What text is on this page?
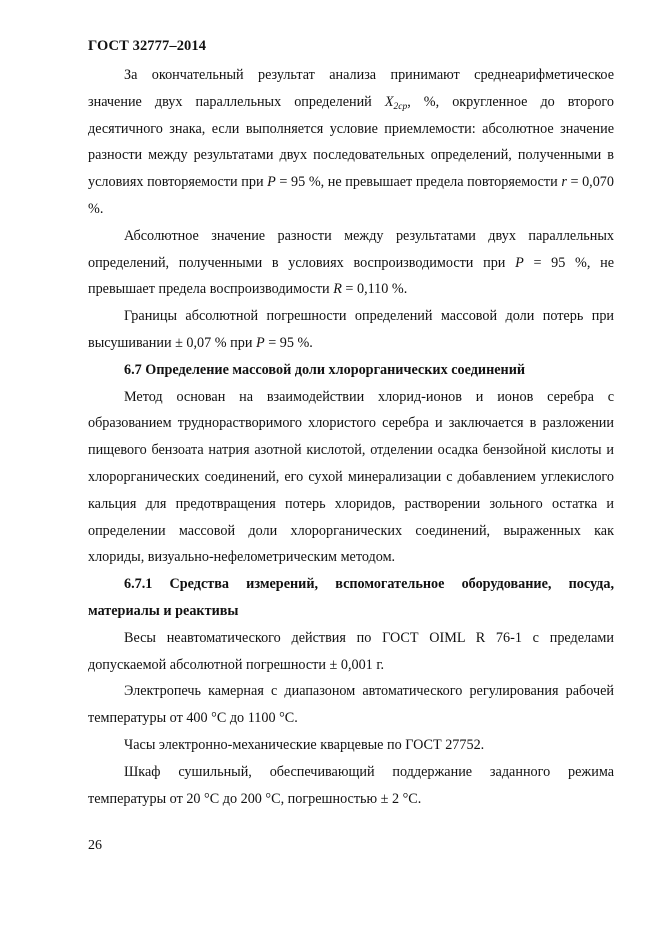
ГОСТ 32777–2014

За окончательный результат анализа принимают среднеарифметическое значение двух параллельных определений $X_{2ср}$, %, округленное до второго десятичного знака, если выполняется условие приемлемости: абсолютное значение разности между результатами двух последовательных определений, полученными в условиях повторяемости при P = 95 %, не превышает предела повторяемости r = 0,070 %.

Абсолютное значение разности между результатами двух параллельных определений, полученными в условиях воспроизводимости при P = 95 %, не превышает предела воспроизводимости R = 0,110 %.

Границы абсолютной погрешности определений массовой доли потерь при высушивании ± 0,07 % при P = 95 %.

6.7 Определение массовой доли хлорорганических соединений

Метод основан на взаимодействии хлорид-ионов и ионов серебра с образованием труднорастворимого хлористого серебра и заключается в разложении пищевого бензоата натрия азотной кислотой, отделении осадка бензойной кислоты и хлорорганических соединений, его сухой минерализации с добавлением углекислого кальция для предотвращения потерь хлоридов, растворении зольного остатка и определении массовой доли хлорорганических соединений, выраженных как хлориды, визуально-нефелометрическим методом.

6.7.1 Средства измерений, вспомогательное оборудование, посуда, материалы и реактивы

Весы неавтоматического действия по ГОСТ OIML R 76-1 с пределами допускаемой абсолютной погрешности ± 0,001 г.

Электропечь камерная с диапазоном автоматического регулирования рабочей температуры от 400 °С до 1100 °С.

Часы электронно-механические кварцевые по ГОСТ 27752.

Шкаф сушильный, обеспечивающий поддержание заданного режима температуры от 20 °С до 200 °С, погрешностью ± 2 °С.

26
